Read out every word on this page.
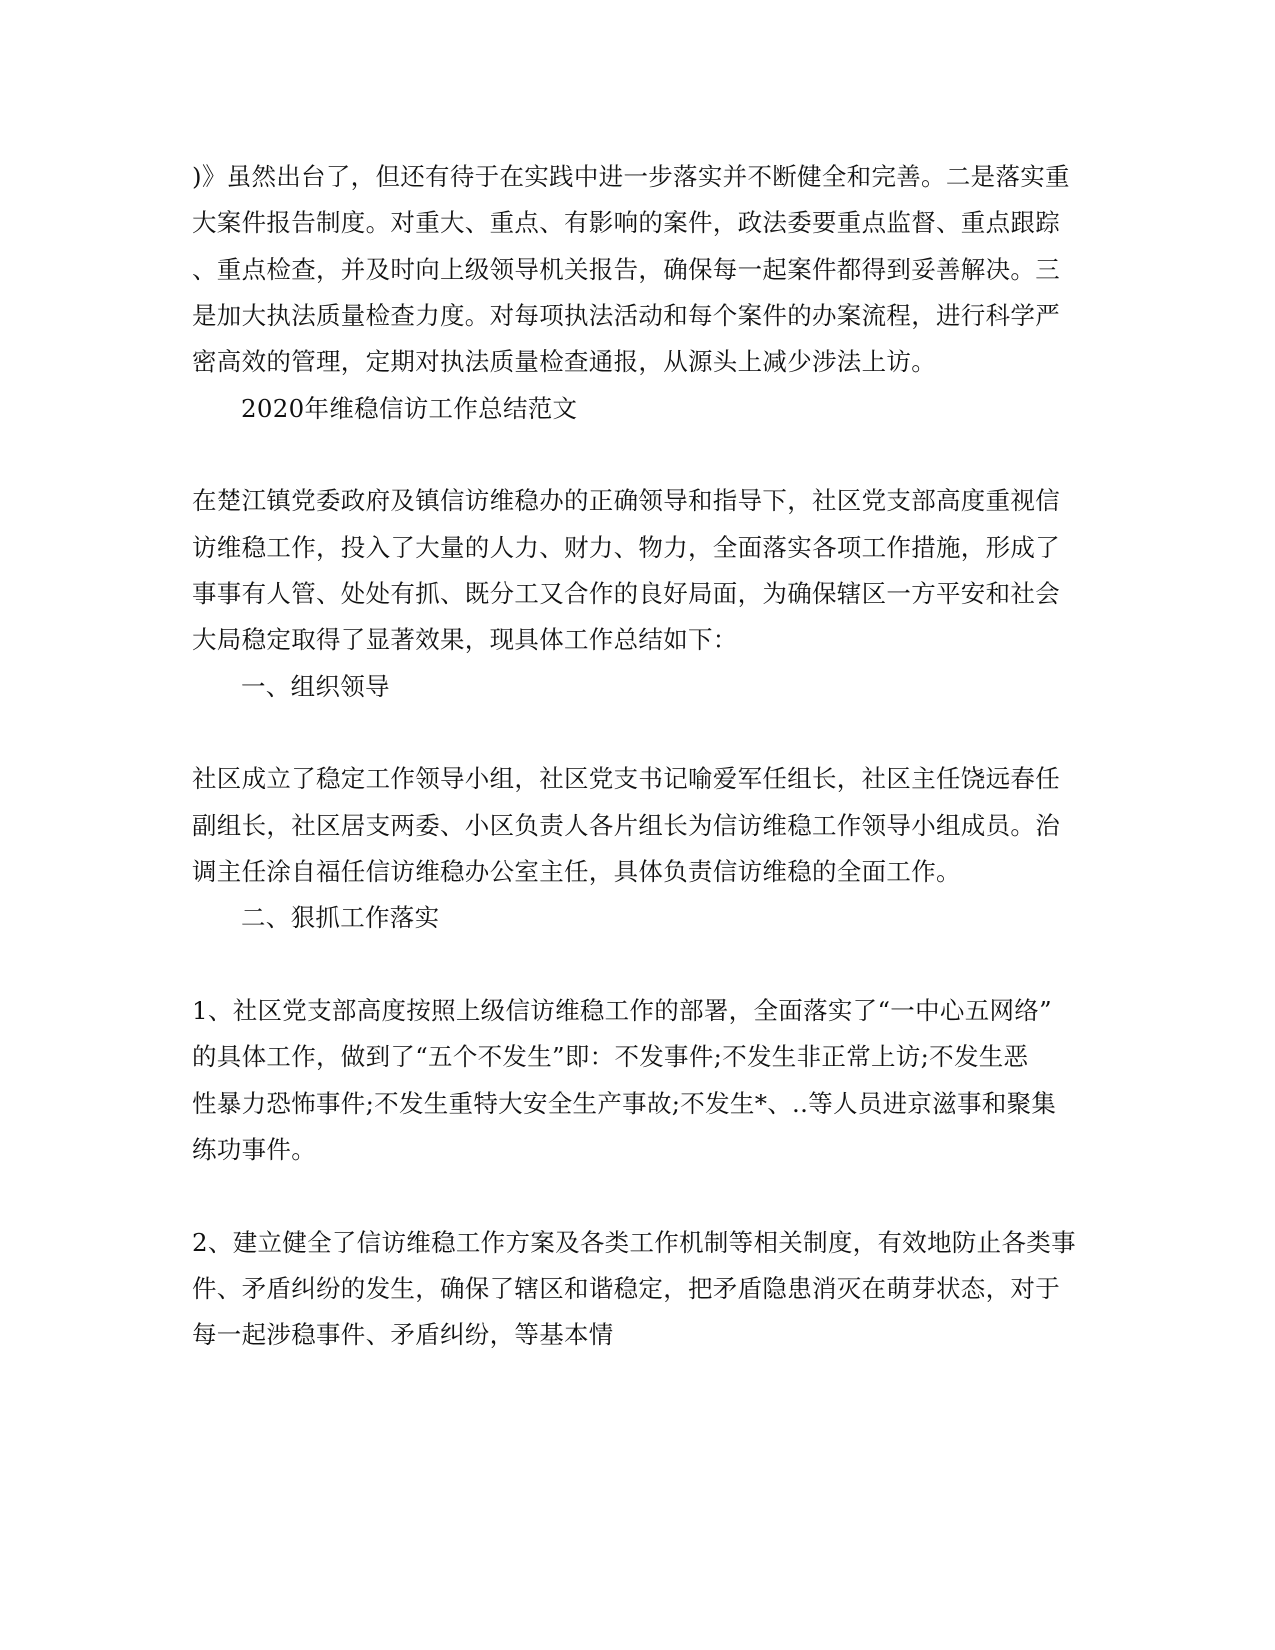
)》虽然出台了，但还有待于在实践中进一步落实并不断健全和完善。二是落实重
大案件报告制度。对重大、重点、有影响的案件，政法委要重点监督、重点跟踪
、重点检查，并及时向上级领导机关报告，确保每一起案件都得到妥善解决。三
是加大执法质量检查力度。对每项执法活动和每个案件的办案流程，进行科学严
密高效的管理，定期对执法质量检查通报，从源头上减少涉法上访。
2020年维稳信访工作总结范文
在楚江镇党委政府及镇信访维稳办的正确领导和指导下，社区党支部高度重视信
访维稳工作，投入了大量的人力、财力、物力，全面落实各项工作措施，形成了
事事有人管、处处有抓、既分工又合作的良好局面，为确保辖区一方平安和社会
大局稳定取得了显著效果，现具体工作总结如下：
一、组织领导
社区成立了稳定工作领导小组，社区党支书记喻爱军任组长，社区主任饶远春任
副组长，社区居支两委、小区负责人各片组长为信访维稳工作领导小组成员。治
调主任涂自福任信访维稳办公室主任，具体负责信访维稳的全面工作。
二、狠抓工作落实
1、社区党支部高度按照上级信访维稳工作的部署，全面落实了“一中心五网络”
的具体工作，做到了“五个不发生”即：不发事件;不发生非正常上访;不发生恶
性暴力恐怖事件;不发生重特大安全生产事故;不发生*、..等人员进京滋事和聚集
练功事件。
2、建立健全了信访维稳工作方案及各类工作机制等相关制度，有效地防止各类事
件、矛盾纠纷的发生，确保了辖区和谐稳定，把矛盾隐患消灭在萌芽状态，对于
每一起涉稳事件、矛盾纠纷，等基本情
